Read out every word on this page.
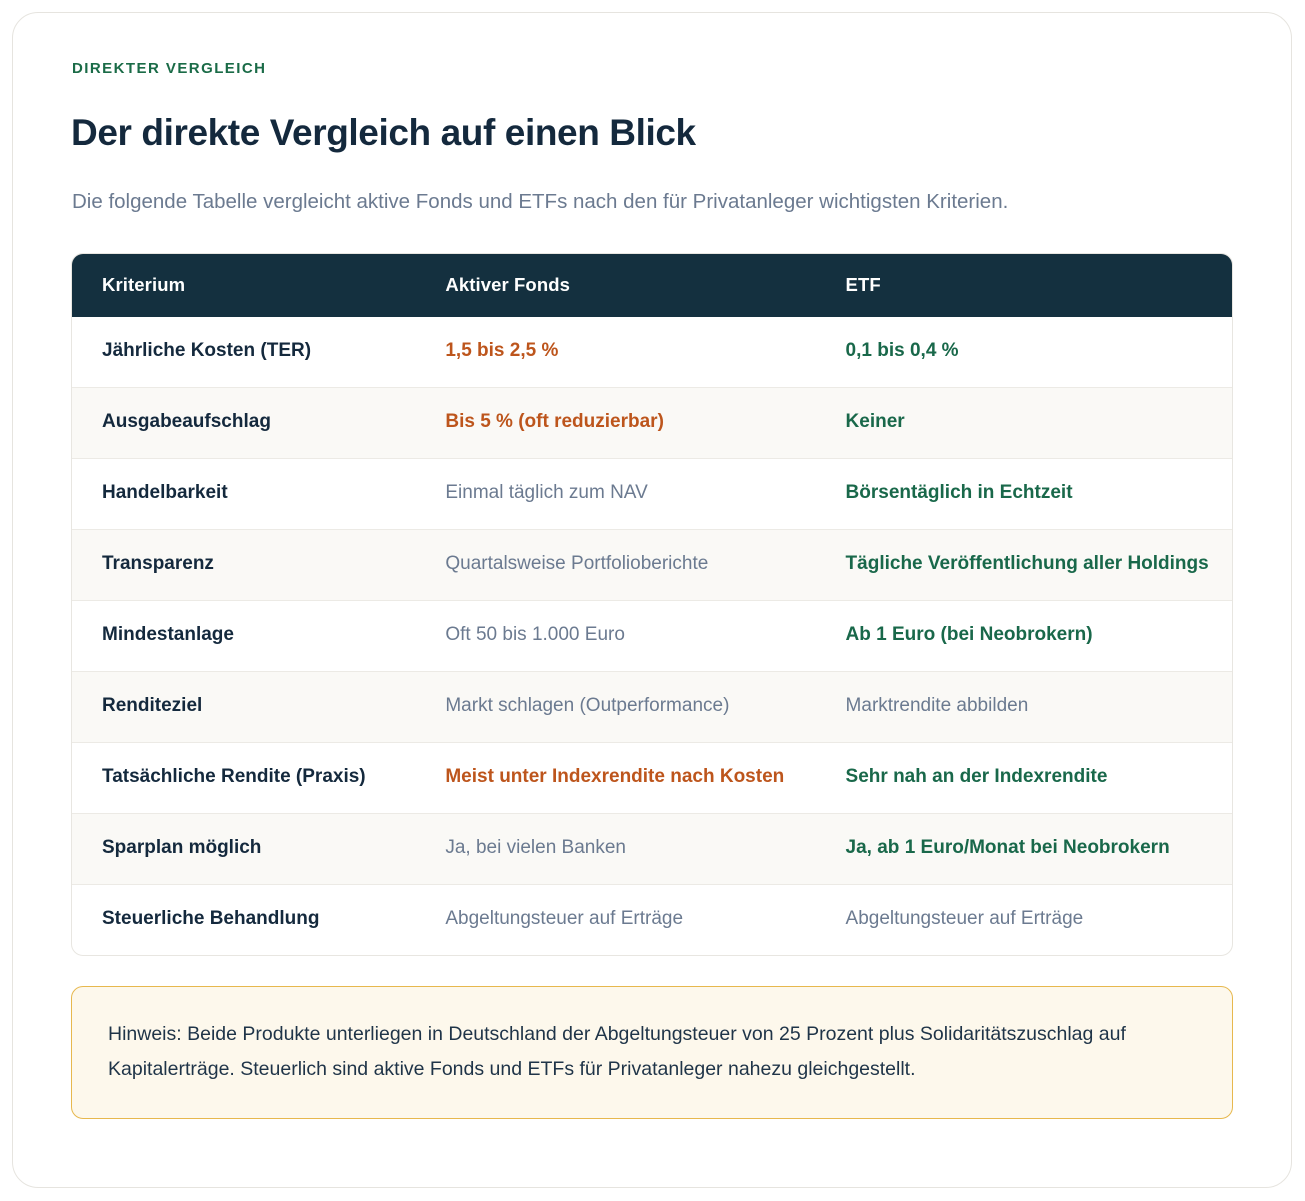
DIREKTER VERGLEICH
Der direkte Vergleich auf einen Blick

Die folgende Tabelle vergleicht aktive Fonds und ETFs nach den für Privatanleger wichtigsten Kriterien.

Kriterium	Aktiver Fonds	ETF
Jährliche Kosten (TER)	1,5 bis 2,5 %	0,1 bis 0,4 %
Ausgabeaufschlag	Bis 5 % (oft reduzierbar)	Keiner
Handelbarkeit	Einmal täglich zum NAV	Börsentäglich in Echtzeit
Transparenz	Quartalsweise Portfolioberichte	Tägliche Veröffentlichung aller Holdings
Mindestanlage	Oft 50 bis 1.000 Euro	Ab 1 Euro (bei Neobrokern)
Renditeziel	Markt schlagen (Outperformance)	Marktrendite abbilden
Tatsächliche Rendite (Praxis)	Meist unter Indexrendite nach Kosten	Sehr nah an der Indexrendite
Sparplan möglich	Ja, bei vielen Banken	Ja, ab 1 Euro/Monat bei Neobrokern
Steuerliche Behandlung	Abgeltungsteuer auf Erträge	Abgeltungsteuer auf Erträge

Hinweis: Beide Produkte unterliegen in Deutschland der Abgeltungsteuer von 25 Prozent plus Solidaritätszuschlag auf Kapitalerträge. Steuerlich sind aktive Fonds und ETFs für Privatanleger nahezu gleichgestellt.
